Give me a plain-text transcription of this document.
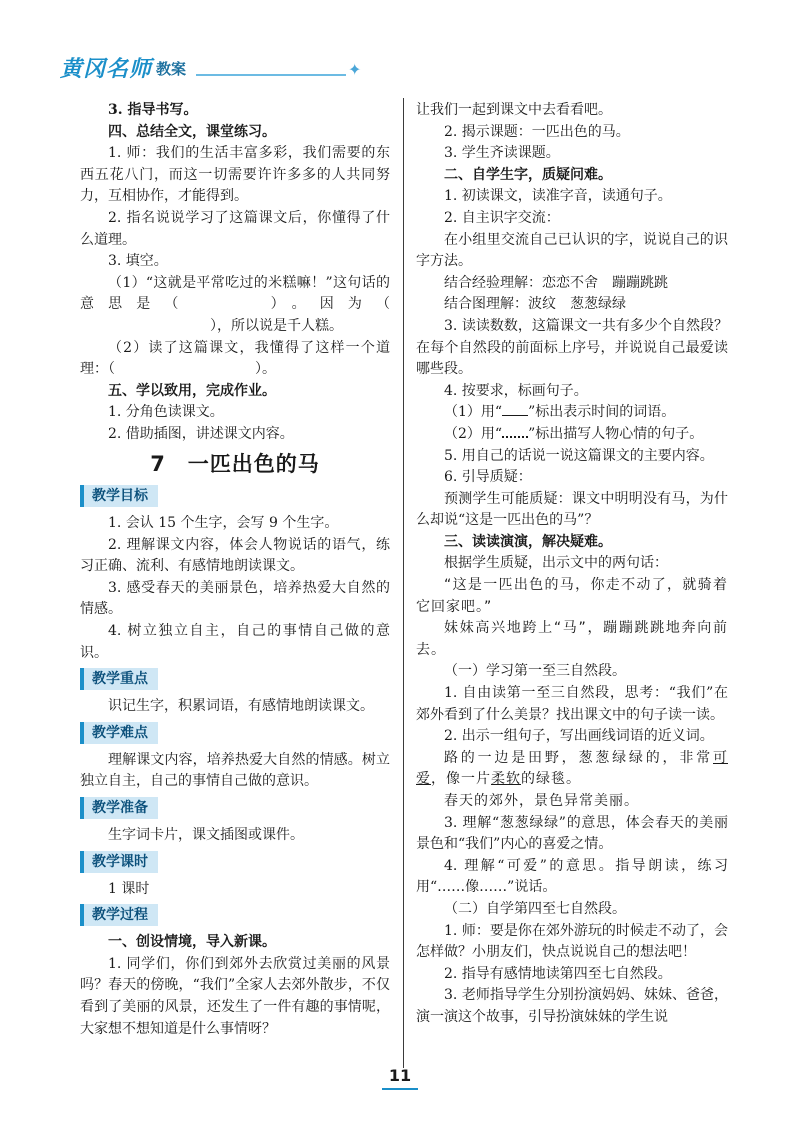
黄冈名师 教案	✦

3. 指导书写。

四、总结全文，课堂练习。

1. 师：我们的生活丰富多彩，我们需要的东西五花八门，而这一切需要许许多多的人共同努力，互相协作，才能得到。

2. 指名说说学习了这篇课文后，你懂得了什么道理。

3. 填空。

（1）“这就是平常吃过的米糕嘛！”这句话的意思是（	）。因为（），所以说是千人糕。

（2）读了这篇课文，我懂得了这样一个道理：（	）。

五、学以致用，完成作业。

1. 分角色读课文。

2. 借助插图，讲述课文内容。

7　一匹出色的马
教学目标

1. 会认 15 个生字，会写 9 个生字。

2. 理解课文内容，体会人物说话的语气，练习正确、流利、有感情地朗读课文。

3. 感受春天的美丽景色，培养热爱大自然的情感。

4. 树立独立自主，自己的事情自己做的意识。

教学重点

识记生字，积累词语，有感情地朗读课文。

教学难点

理解课文内容，培养热爱大自然的情感。树立独立自主，自己的事情自己做的意识。

教学准备

生字词卡片，课文插图或课件。

教学课时

1 课时

教学过程

一、创设情境，导入新课。

1. 同学们，你们到郊外去欣赏过美丽的风景吗？春天的傍晚，“我们”全家人去郊外散步，不仅看到了美丽的风景，还发生了一件有趣的事情呢，大家想不想知道是什么事情呀？

让我们一起到课文中去看看吧。

2. 揭示课题：一匹出色的马。

3. 学生齐读课题。

二、自学生字，质疑问难。

1. 初读课文，读准字音，读通句子。

2. 自主识字交流：

在小组里交流自己已认识的字，说说自己的识字方法。

结合经验理解：恋恋不舍　蹦蹦跳跳

结合图理解：波纹　葱葱绿绿

3. 读读数数，这篇课文一共有多少个自然段？在每个自然段的前面标上序号，并说说自己最爱读哪些段。

4. 按要求，标画句子。

（1）用“ ”标出表示时间的词语。

（2）用“ ”标出描写人物心情的句子。

5. 用自己的话说一说这篇课文的主要内容。

6. 引导质疑：

预测学生可能质疑：课文中明明没有马，为什么却说“这是一匹出色的马”？

三、读读演演，解决疑难。

根据学生质疑，出示文中的两句话：

“这是一匹出色的马，你走不动了，就骑着它回家吧。”

妹妹高兴地跨上“马”，蹦蹦跳跳地奔向前去。

（一）学习第一至三自然段。

1. 自由读第一至三自然段，思考：“我们”在郊外看到了什么美景？找出课文中的句子读一读。

2. 出示一组句子，写出画线词语的近义词。

路的一边是田野，葱葱绿绿的，非常可爱，像一片柔软的绿毯。

春天的郊外，景色异常美丽。

3. 理解“葱葱绿绿”的意思，体会春天的美丽景色和“我们”内心的喜爱之情。

4. 理解“可爱”的意思。指导朗读，练习用“……像……”说话。

（二）自学第四至七自然段。

1. 师：要是你在郊外游玩的时候走不动了，会怎样做？小朋友们，快点说说自己的想法吧！

2. 指导有感情地读第四至七自然段。

3. 老师指导学生分别扮演妈妈、妹妹、爸爸，演一演这个故事，引导扮演妹妹的学生说

11
